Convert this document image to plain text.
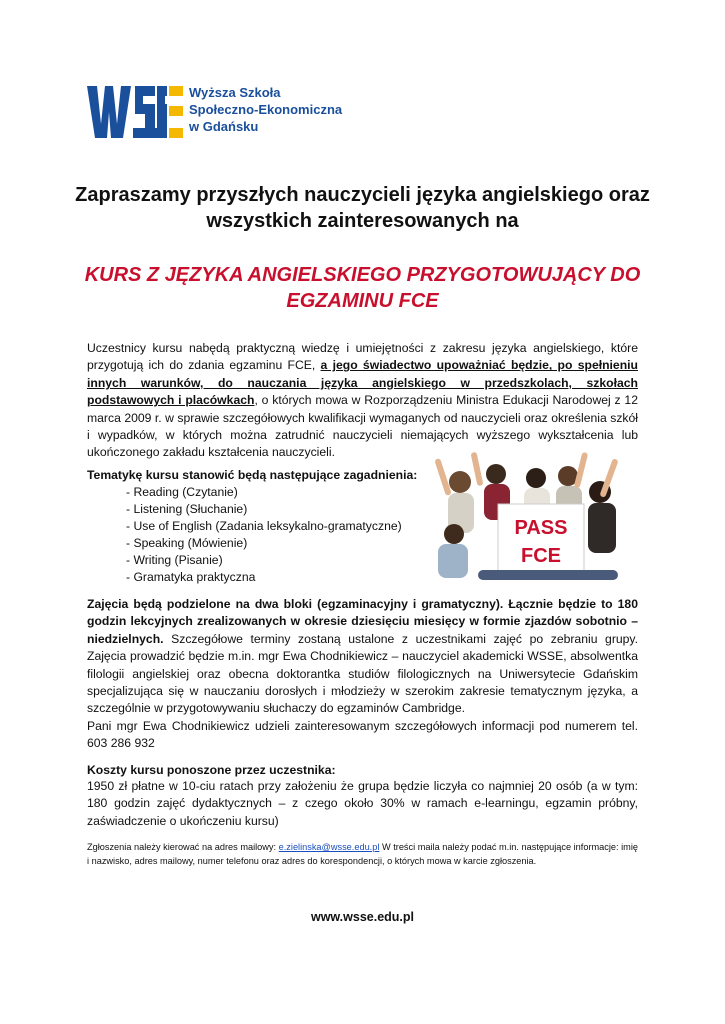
Wyższa Szkoła
Społeczno-Ekonomiczna
w Gdańsku
Zapraszamy przyszłych nauczycieli języka angielskiego oraz
wszystkich zainteresowanych na
KURS Z JĘZYKA ANGIELSKIEGO PRZYGOTOWUJĄCY DO
EGZAMINU FCE
Uczestnicy kursu nabędą praktyczną wiedzę i umiejętności z zakresu języka angielskiego, które przygotują ich do zdania egzaminu FCE, a jego świadectwo upoważniać będzie, po spełnieniu innych warunków, do nauczania języka angielskiego w przedszkolach, szkołach podstawowych i placówkach, o których mowa w Rozporządzeniu Ministra Edukacji Narodowej z 12 marca 2009 r. w sprawie szczegółowych kwalifikacji wymaganych od nauczycieli oraz określenia szkół i wypadków, w których można zatrudnić nauczycieli niemających wyższego wykształcenia lub ukończonego zakładu kształcenia nauczycieli.
Tematykę kursu stanowić będą następujące zagadnienia:
- Reading (Czytanie)
- Listening (Słuchanie)
- Use of English (Zadania leksykalno-gramatyczne)
- Speaking (Mówienie)
- Writing (Pisanie)
- Gramatyka praktyczna
PASS
FCE
Zajęcia będą podzielone na dwa bloki (egzaminacyjny i gramatyczny). Łącznie będzie to 180 godzin lekcyjnych zrealizowanych w okresie dziesięciu miesięcy w formie zjazdów sobotnio – niedzielnych. Szczegółowe terminy zostaną ustalone z uczestnikami zajęć po zebraniu grupy. Zajęcia prowadzić będzie m.in. mgr Ewa Chodnikiewicz – nauczyciel akademicki WSSE, absolwentka filologii angielskiej oraz obecna doktorantka studiów filologicznych na Uniwersytecie Gdańskim specjalizująca się w nauczaniu dorosłych i młodzieży w szerokim zakresie tematycznym języka, a szczególnie w przygotowywaniu słuchaczy do egzaminów Cambridge.
Pani mgr Ewa Chodnikiewicz udzieli zainteresowanym szczegółowych informacji pod numerem tel. 603 286 932
Koszty kursu ponoszone przez uczestnika:
1950 zł płatne w 10-ciu ratach przy założeniu że grupa będzie liczyła co najmniej 20 osób (a w tym: 180 godzin zajęć dydaktycznych – z czego około 30% w ramach e-learningu, egzamin próbny, zaświadczenie o ukończeniu kursu)
Zgłoszenia należy kierować na adres mailowy: e.zielinska@wsse.edu.pl W treści maila należy podać m.in. następujące informacje: imię i nazwisko, adres mailowy, numer telefonu oraz adres do korespondencji, o których mowa w karcie zgłoszenia.
www.wsse.edu.pl
